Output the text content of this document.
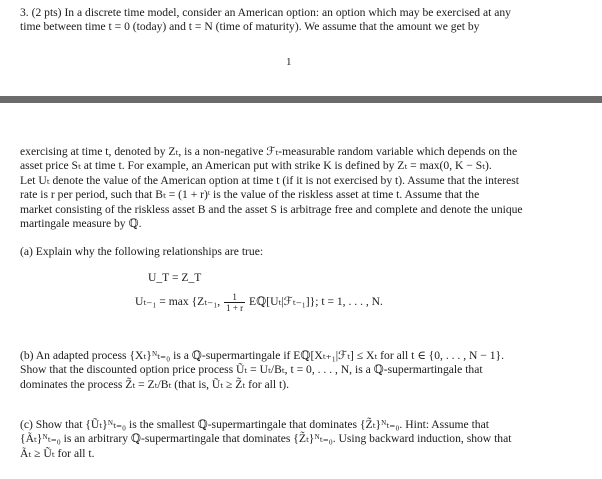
3. (2 pts) In a discrete time model, consider an American option: an option which may be exercised at any
time between time t = 0 (today) and t = N (time of maturity). We assume that the amount we get by
1
exercising at time t, denoted by Zₜ, is a non-negative ℱₜ-measurable random variable which depends on the
asset price Sₜ at time t. For example, an American put with strike K is defined by Zₜ = max(0, K − Sₜ).
Let Uₜ denote the value of the American option at time t (if it is not exercised by t). Assume that the interest
rate is r per period, such that Bₜ = (1 + r)ᵗ is the value of the riskless asset at time t. Assume that the
market consisting of the riskless asset B and the asset S is arbitrage free and complete and denote the unique
martingale measure by ℚ.
(a) Explain why the following relationships are true:
U_T = Z_T
Uₜ₋₁ = max {Zₜ₋₁, $\frac{1}{1 + r}$ Eℚ[Uₜ|ℱₜ₋₁]}; t = 1, . . . , N.
(b) An adapted process {Xₜ}ᴺₜ₌₀ is a ℚ-supermartingale if Eℚ[Xₜ₊₁|ℱₜ] ≤ Xₜ for all t ∈ {0, . . . , N − 1}.
Show that the discounted option price process Ũₜ = Uₜ/Bₜ, t = 0, . . . , N, is a ℚ-supermartingale that
dominates the process Z̃ₜ = Zₜ/Bₜ (that is, Ũₜ ≥ Z̃ₜ for all t).
(c) Show that {Ũₜ}ᴺₜ₌₀ is the smallest ℚ-supermartingale that dominates {Z̃ₜ}ᴺₜ₌₀. Hint: Assume that
{Ãₜ}ᴺₜ₌₀ is an arbitrary ℚ-supermartingale that dominates {Z̃ₜ}ᴺₜ₌₀. Using backward induction, show that
Ãₜ ≥ Ũₜ for all t.
